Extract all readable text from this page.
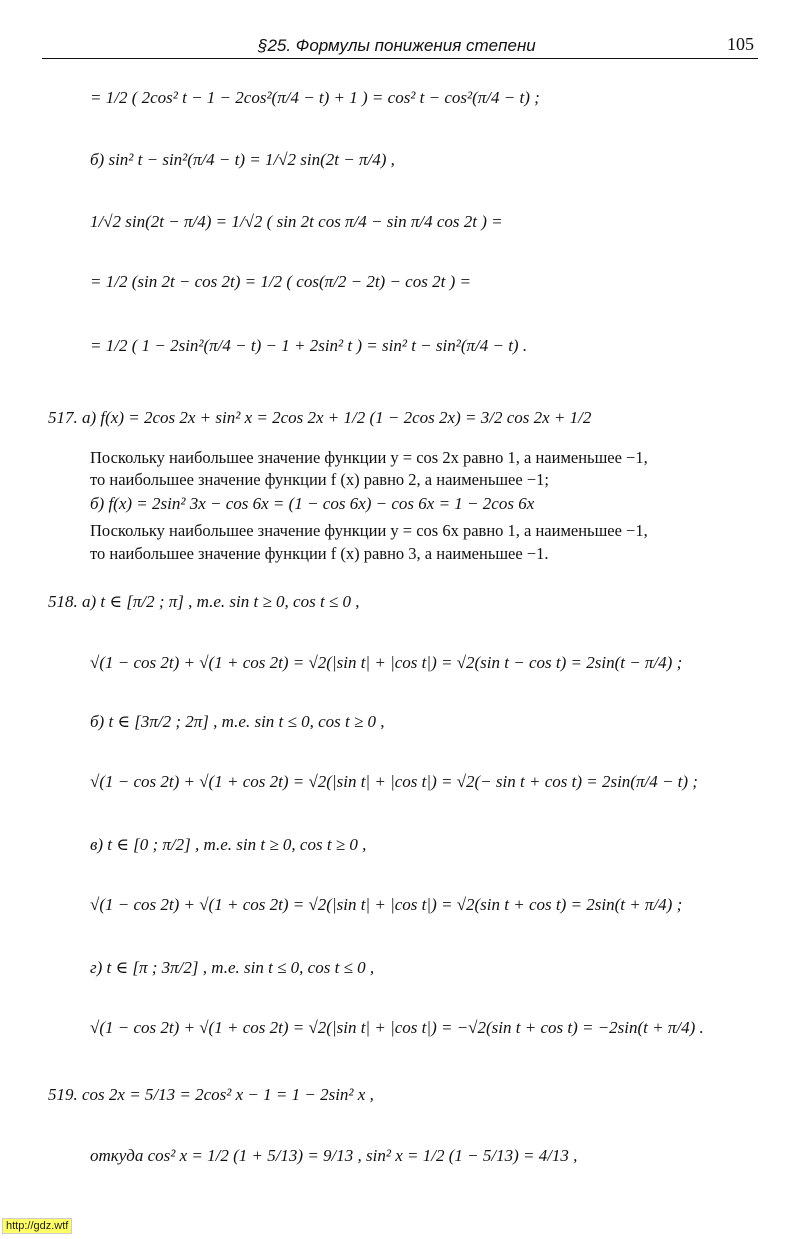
§25. Формулы понижения степени	105
= 1/2 ( 2cos² t − 1 − 2cos²(π/4 − t) + 1 ) = cos² t − cos²(π/4 − t) ;
б) sin² t − sin²(π/4 − t) = 1/√2 sin(2t − π/4) ,
1/√2 sin(2t − π/4) = 1/√2 ( sin 2t cos π/4 − sin π/4 cos 2t ) =
= 1/2 (sin 2t − cos 2t) = 1/2 ( cos(π/2 − 2t) − cos 2t ) =
= 1/2 ( 1 − 2sin²(π/4 − t) − 1 + 2sin² t ) = sin² t − sin²(π/4 − t) .
517. а) f(x) = 2cos 2x + sin² x = 2cos 2x + 1/2 (1 − 2cos 2x) = 3/2 cos 2x + 1/2
Поскольку наибольшее значение функции y = cos 2x равно 1, а наименьшее −1,
то наибольшее значение функции f (x) равно 2, а наименьшее −1;
б) f(x) = 2sin² 3x − cos 6x = (1 − cos 6x) − cos 6x = 1 − 2cos 6x
Поскольку наибольшее значение функции y = cos 6x равно 1, а наименьшее −1,
то наибольшее значение функции f (x) равно 3, а наименьшее −1.
518. а) t ∈ [π/2 ; π] , т.е. sin t ≥ 0, cos t ≤ 0 ,
√(1 − cos 2t) + √(1 + cos 2t) = √2(|sin t| + |cos t|) = √2(sin t − cos t) = 2sin(t − π/4) ;
б) t ∈ [3π/2 ; 2π] , т.е. sin t ≤ 0, cos t ≥ 0 ,
√(1 − cos 2t) + √(1 + cos 2t) = √2(|sin t| + |cos t|) = √2(− sin t + cos t) = 2sin(π/4 − t) ;
в) t ∈ [0 ; π/2] , т.е. sin t ≥ 0, cos t ≥ 0 ,
√(1 − cos 2t) + √(1 + cos 2t) = √2(|sin t| + |cos t|) = √2(sin t + cos t) = 2sin(t + π/4) ;
г) t ∈ [π ; 3π/2] , т.е. sin t ≤ 0, cos t ≤ 0 ,
√(1 − cos 2t) + √(1 + cos 2t) = √2(|sin t| + |cos t|) = −√2(sin t + cos t) = −2sin(t + π/4) .
519. cos 2x = 5/13 = 2cos² x − 1 = 1 − 2sin² x ,
откуда cos² x = 1/2 (1 + 5/13) = 9/13 , sin² x = 1/2 (1 − 5/13) = 4/13 ,
http://gdz.wtf
